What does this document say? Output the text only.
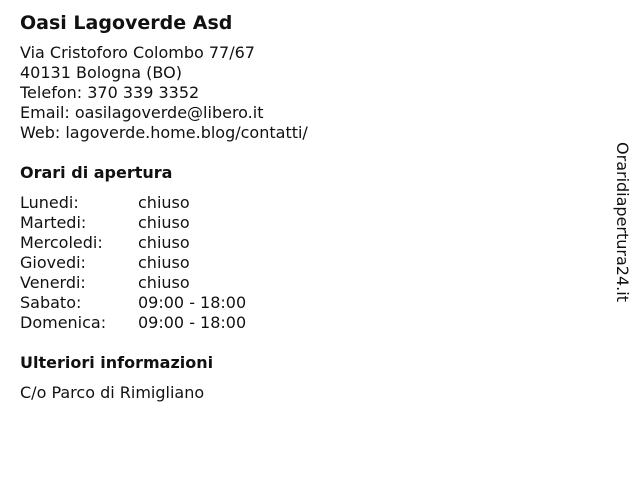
Oasi Lagoverde Asd
Via Cristoforo Colombo 77/67
40131 Bologna (BO)
Telefon: 370 339 3352
Email: oasilagoverde@libero.it
Web: lagoverde.home.blog/contatti/
Orari di apertura
Lunedi:	chiuso
Martedi:	chiuso
Mercoledi:	chiuso
Giovedi:	chiuso
Venerdi:	chiuso
Sabato:	09:00 - 18:00
Domenica:	09:00 - 18:00
Ulteriori informazioni
C/o Parco di Rimigliano
Oraridiapertura24.it
